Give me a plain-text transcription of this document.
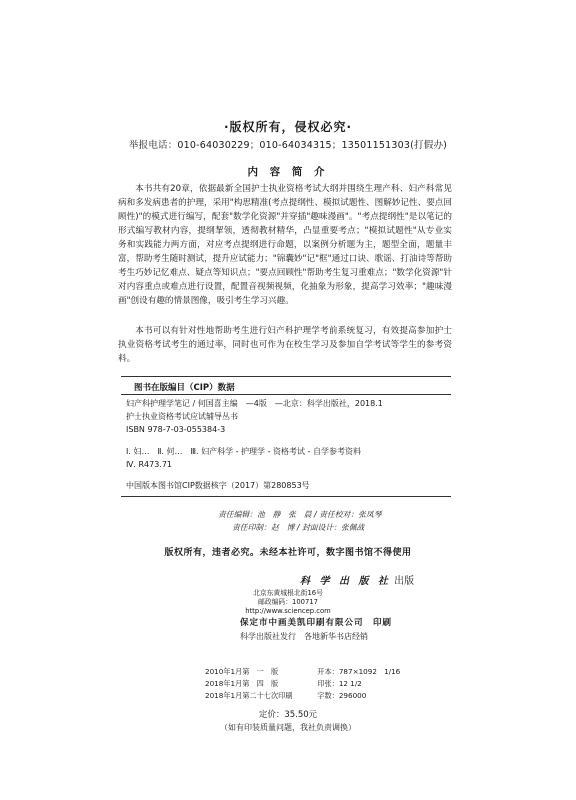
·版权所有，侵权必究·
举报电话：010-64030229；010-64034315；13501151303(打假办)
内 容 简 介

本书共有20章，依据最新全国护士执业资格考试大纲并围绕生理产科、妇产科常见病和多发病患者的护理，采用"构思精准(考点提纲性、模拟试题性、图解妙记性、要点回顾性)"的模式进行编写，配套"数学化资源"并穿插"趣味漫画"。"考点提纲性"是以笔记的形式编写教材内容，提纲挈领，透彻教材精华，凸显重要考点；"模拟试题性"从专业实务和实践能力两方面，对应考点提纲进行命题，以案例分析题为主，题型全面，题量丰富，帮助考生随时测试，提升应试能力；"锦囊妙"记"框"通过口诀、歌谣、打油诗等帮助考生巧妙记忆难点、疑点等知识点；"要点回顾性"帮助考生复习重难点；"数学化资源"针对内容重点或难点进行设置，配置音视频视频，化抽象为形象，提高学习效率；"趣味漫画"创设有趣的情景图像，吸引考生学习兴趣。

本书可以有针对性地帮助考生进行妇产科护理学考前系统复习，有效提高参加护士执业资格考试考生的通过率，同时也可作为在校生学习及参加自学考试等学生的参考资料。

图书在版编目（CIP）数据
妇产科护理学笔记 / 何国喜主编　—4版　—北京：科学出版社，2018.1
护士执业资格考试应试辅导丛书
ISBN 978-7-03-055384-3
Ⅰ. 妇…　Ⅱ. 何…　Ⅲ. 妇产科学 - 护理学 - 资格考试 - 自学参考资料
Ⅳ. R473.71
中国版本图书馆CIP数据核字（2017）第280853号
责任编辑：池　静　张　晨 / 责任校对：张凤琴
责任印制：赵　博 / 封面设计：张佩战
版权所有，违者必究。未经本社许可，数字图书馆不得使用
科 学 出 版 社 出版
北京东黄城根北街16号
邮政编码：100717
http://www.sciencep.com
保定市中画美凯印刷有限公司　印刷
科学出版社发行　各地新华书店经销
2010年1月第　一　版	开本：787×1092　1/16
2018年1月第　四　版	印张：12 1/2
2018年1月第二十七次印刷	字数：296000
定价：35.50元
（如有印装质量问题，我社负责调换）
